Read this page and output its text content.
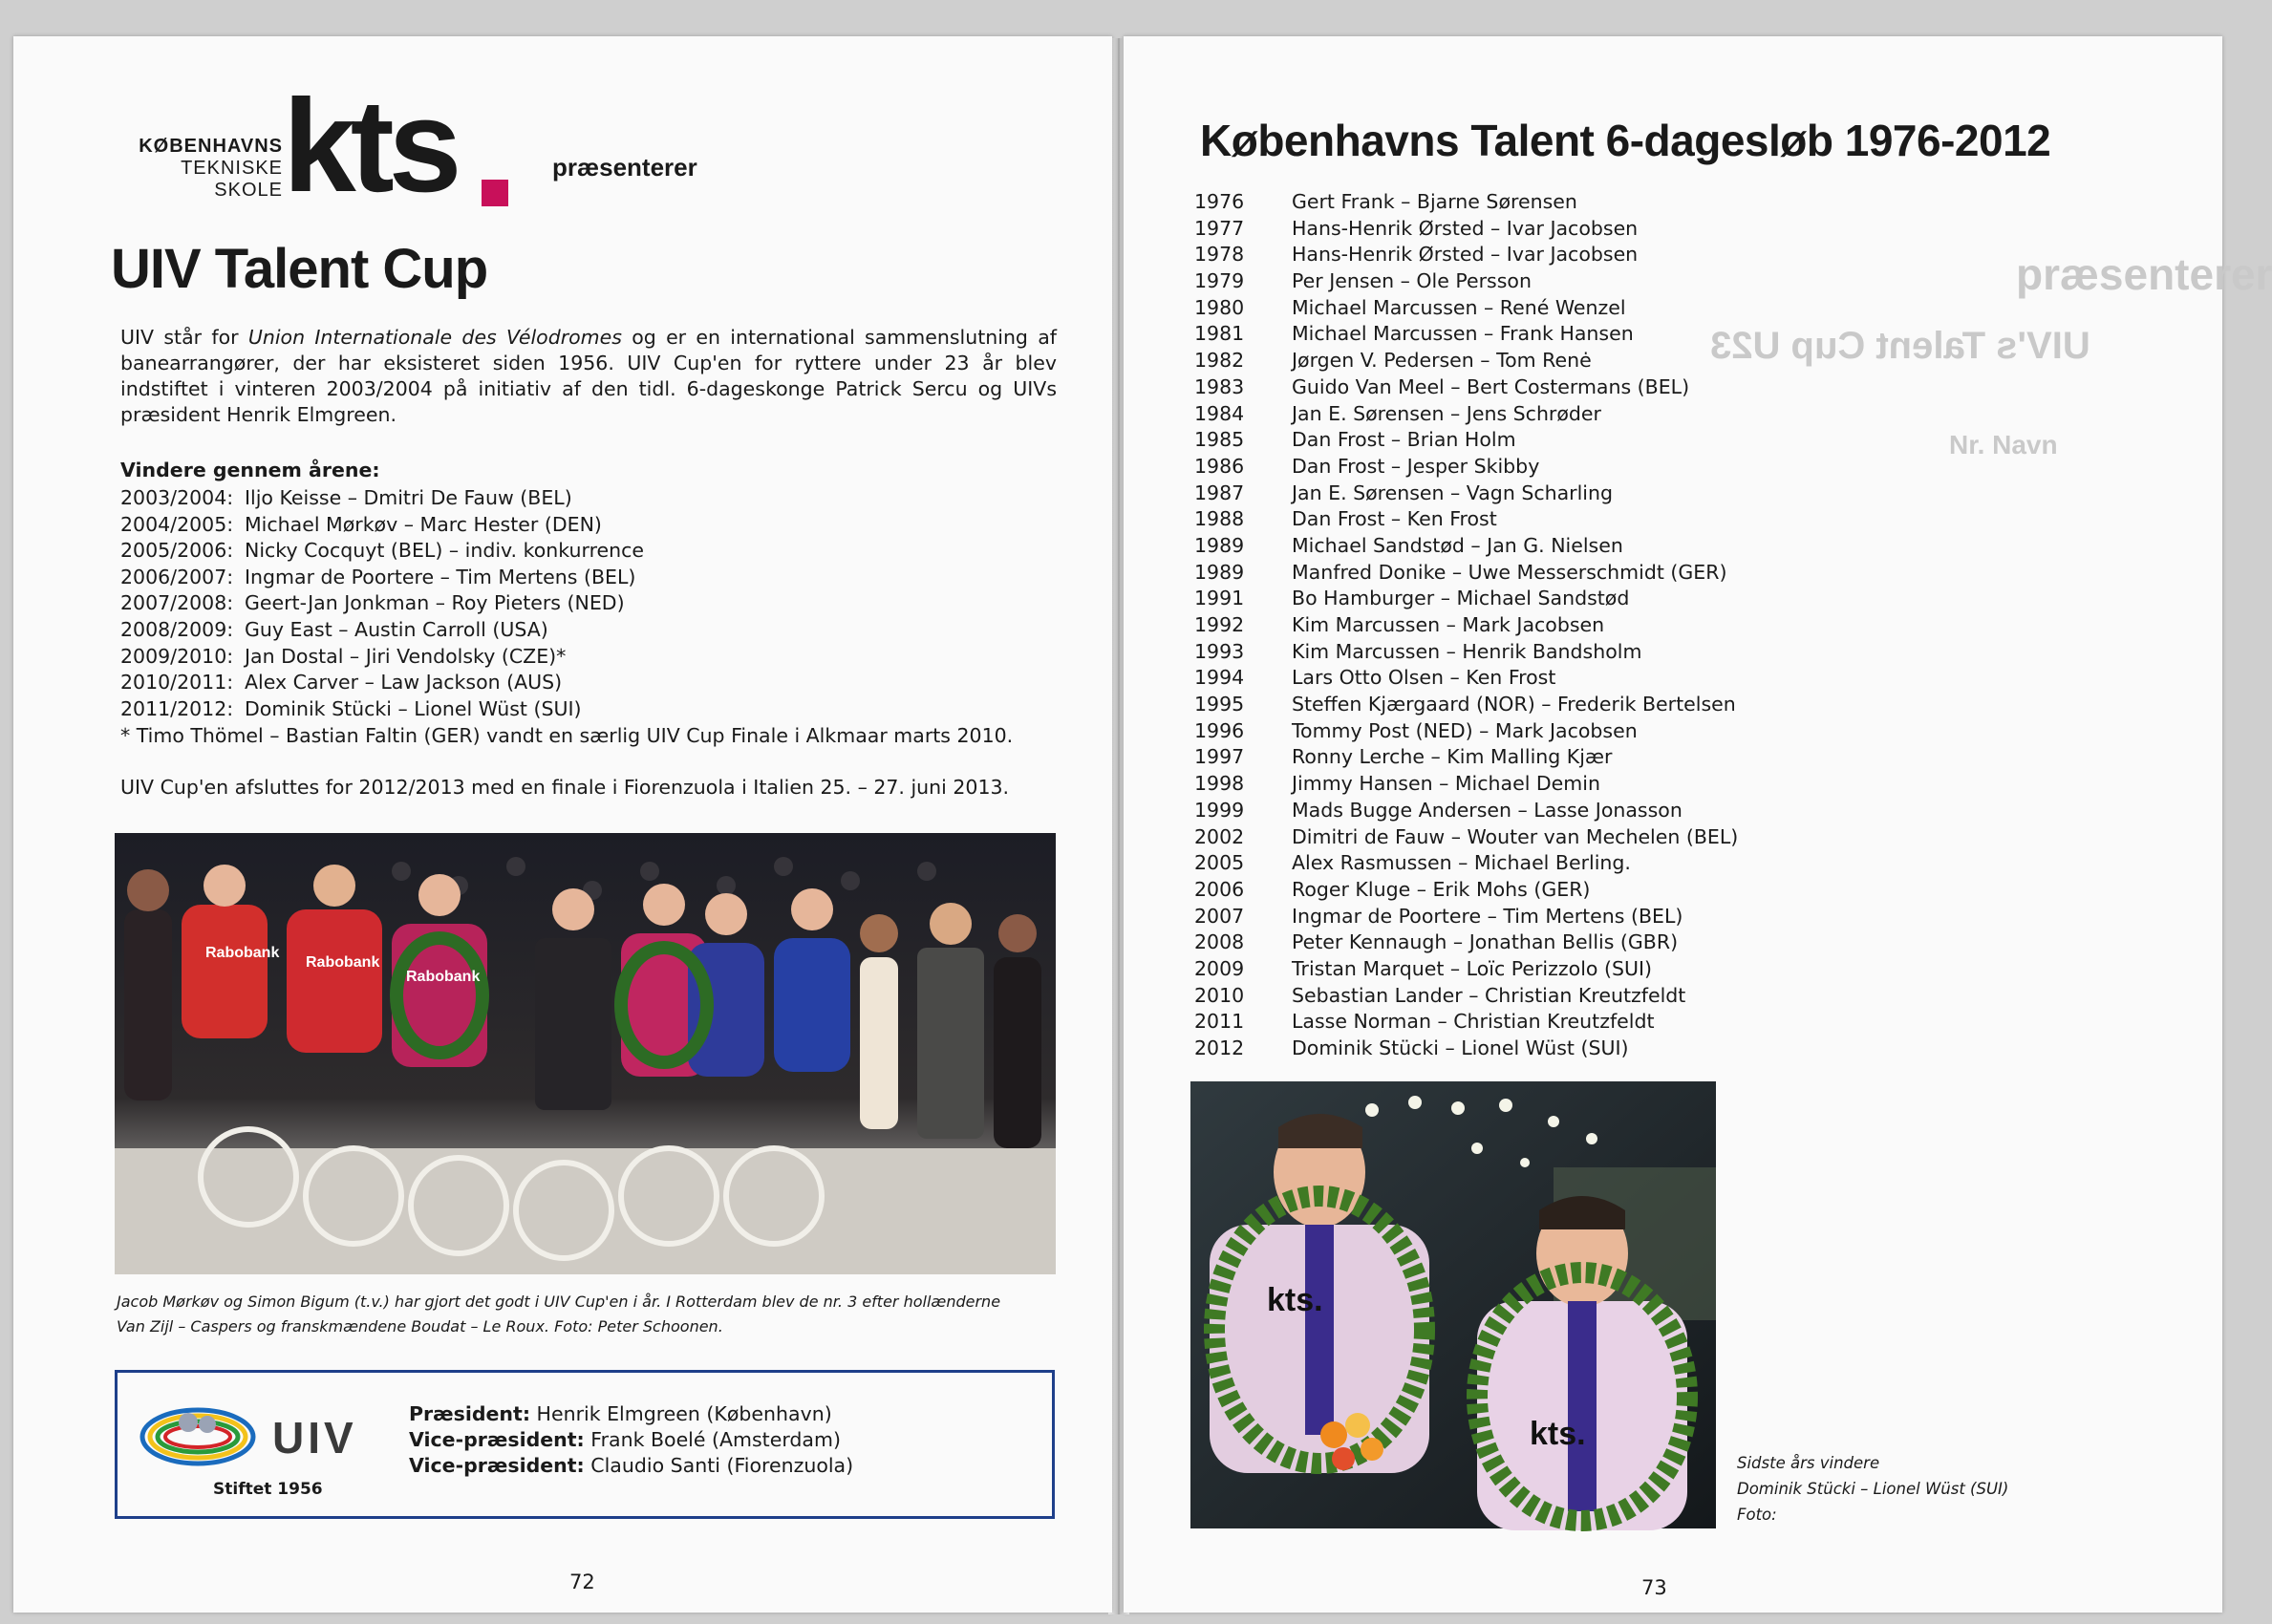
KØBENHAVNS
TEKNISKE
SKOLE kts	præsenterer
UIV Talent Cup

UIV står for Union Internationale des Vélodromes og er en international sammenslutning af banearrangører, der har eksisteret siden 1956. UIV Cup'en for ryttere under 23 år blev indstiftet i vinteren 2003/2004 på initiativ af den tidl. 6-dageskonge Patrick Sercu og UIVs præsident Henrik Elmgreen.

Vindere gennem årene:
2003/2004: Iljo Keisse – Dmitri De Fauw (BEL)
2004/2005: Michael Mørkøv – Marc Hester (DEN)
2005/2006: Nicky Cocquyt (BEL) – indiv. konkurrence
2006/2007: Ingmar de Poortere – Tim Mertens (BEL)
2007/2008: Geert-Jan Jonkman – Roy Pieters (NED)
2008/2009: Guy East – Austin Carroll (USA)
2009/2010: Jan Dostal – Jiri Vendolsky (CZE)*
2010/2011: Alex Carver – Law Jackson (AUS)
2011/2012: Dominik Stücki – Lionel Wüst (SUI)
* Timo Thömel – Bastian Faltin (GER) vandt en særlig UIV Cup Finale i Alkmaar marts 2010.
UIV Cup'en afsluttes for 2012/2013 med en finale i Fiorenzuola i Italien 25. – 27. juni 2013.
Rabobank
Rabobank
Rabobank
Jacob Mørkøv og Simon Bigum (t.v.) har gjort det godt i UIV Cup'en i år. I Rotterdam blev de nr. 3 efter hollænderne
Van Zijl – Caspers og franskmændene Boudat – Le Roux. Foto: Peter Schoonen.
UIV
Stiftet 1956
Præsident: Henrik Elmgreen (København)
Vice-præsident: Frank Boelé (Amsterdam)
Vice-præsident: Claudio Santi (Fiorenzuola)
72
præsenterer
UIV's Talent Cup U23
Nr. Navn
Københavns Talent 6-dagesløb 1976-2012
1976 Gert Frank – Bjarne Sørensen
1977 Hans-Henrik Ørsted – Ivar Jacobsen
1978 Hans-Henrik Ørsted – Ivar Jacobsen
1979 Per Jensen – Ole Persson
1980 Michael Marcussen – René Wenzel
1981 Michael Marcussen – Frank Hansen
1982 Jørgen V. Pedersen – Tom Renė
1983 Guido Van Meel – Bert Costermans (BEL)
1984 Jan E. Sørensen – Jens Schrøder
1985 Dan Frost – Brian Holm
1986 Dan Frost – Jesper Skibby
1987 Jan E. Sørensen – Vagn Scharling
1988 Dan Frost – Ken Frost
1989 Michael Sandstød – Jan G. Nielsen
1989 Manfred Donike – Uwe Messerschmidt (GER)
1991 Bo Hamburger – Michael Sandstød
1992 Kim Marcussen – Mark Jacobsen
1993 Kim Marcussen – Henrik Bandsholm
1994 Lars Otto Olsen – Ken Frost
1995 Steffen Kjærgaard (NOR) – Frederik Bertelsen
1996 Tommy Post (NED) – Mark Jacobsen
1997 Ronny Lerche – Kim Malling Kjær
1998 Jimmy Hansen – Michael Demin
1999 Mads Bugge Andersen – Lasse Jonasson
2002 Dimitri de Fauw – Wouter van Mechelen (BEL)
2005 Alex Rasmussen – Michael Berling.
2006 Roger Kluge – Erik Mohs (GER)
2007 Ingmar de Poortere – Tim Mertens (BEL)
2008 Peter Kennaugh – Jonathan Bellis (GBR)
2009 Tristan Marquet – Loïc Perizzolo (SUI)
2010 Sebastian Lander – Christian Kreutzfeldt
2011 Lasse Norman – Christian Kreutzfeldt
2012 Dominik Stücki – Lionel Wüst (SUI)
kts.
kts.
Sidste års vindere
Dominik Stücki – Lionel Wüst (SUI)
Foto:
73
